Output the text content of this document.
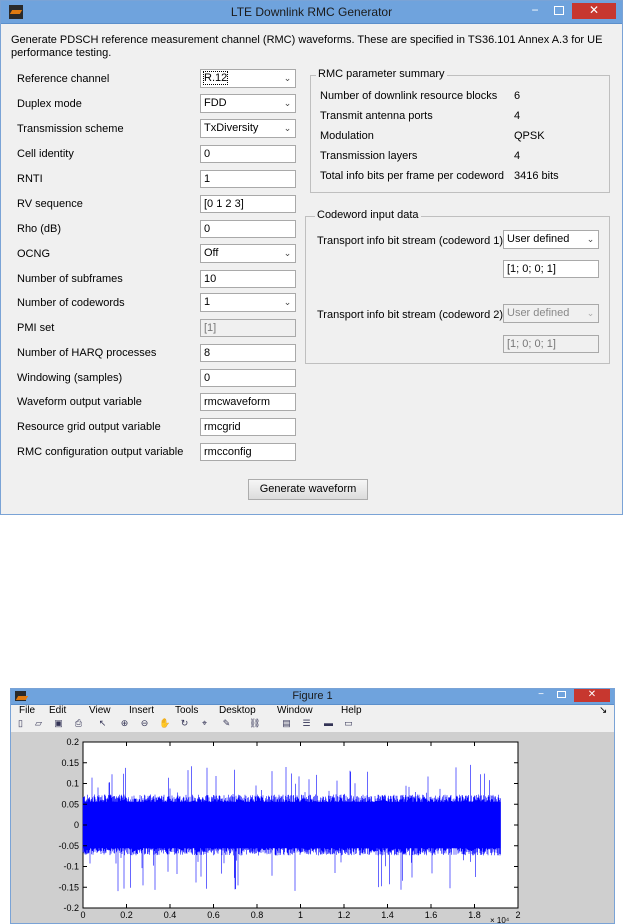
LTE Downlink RMC Generator	−	✕
Generate PDSCH reference measurement channel (RMC) waveforms. These are specified in TS36.101 Annex A.3 for UE performance testing.
Reference channel	R.12	⌄
Duplex mode	FDD	⌄
Transmission scheme	TxDiversity	⌄
Cell identity	0
RNTI	1
RV sequence	[0 1 2 3]
Rho (dB)	0
OCNG	Off	⌄
Number of subframes	10
Number of codewords	1	⌄
PMI set	[1]
Number of HARQ processes	8
Windowing (samples)	0
Waveform output variable	rmcwaveform
Resource grid output variable	rmcgrid
RMC configuration output variable	rmcconfig
RMC parameter summary
Number of downlink resource blocks 6
Transmit antenna ports	4
Modulation	QPSK
Transmission layers	4
Total info bits per frame per codeword 3416 bits
Codeword input data
Transport info bit stream (codeword 1) User defined	⌄
[1; 0; 0; 1]
Transport info bit stream (codeword 2) User defined	⌄
[1; 0; 0; 1]
Generate waveform
Figure 1	−	✕
File Edit View Insert Tools Desktop Window	Help	↘
▯	▱ ▣ ⎙ ↖ ⊕ ⊖ ✋ ↻	⌖	✎ ⛓ ▤ ☰ ▬ ▭
0	0.2	0.4	0.6	0.8	1	1.2	1.4	1.6	1.8	2
0.2
0.15
0.1
0.05
0
-0.05
-0.1
-0.15
-0.2
× 10⁴
